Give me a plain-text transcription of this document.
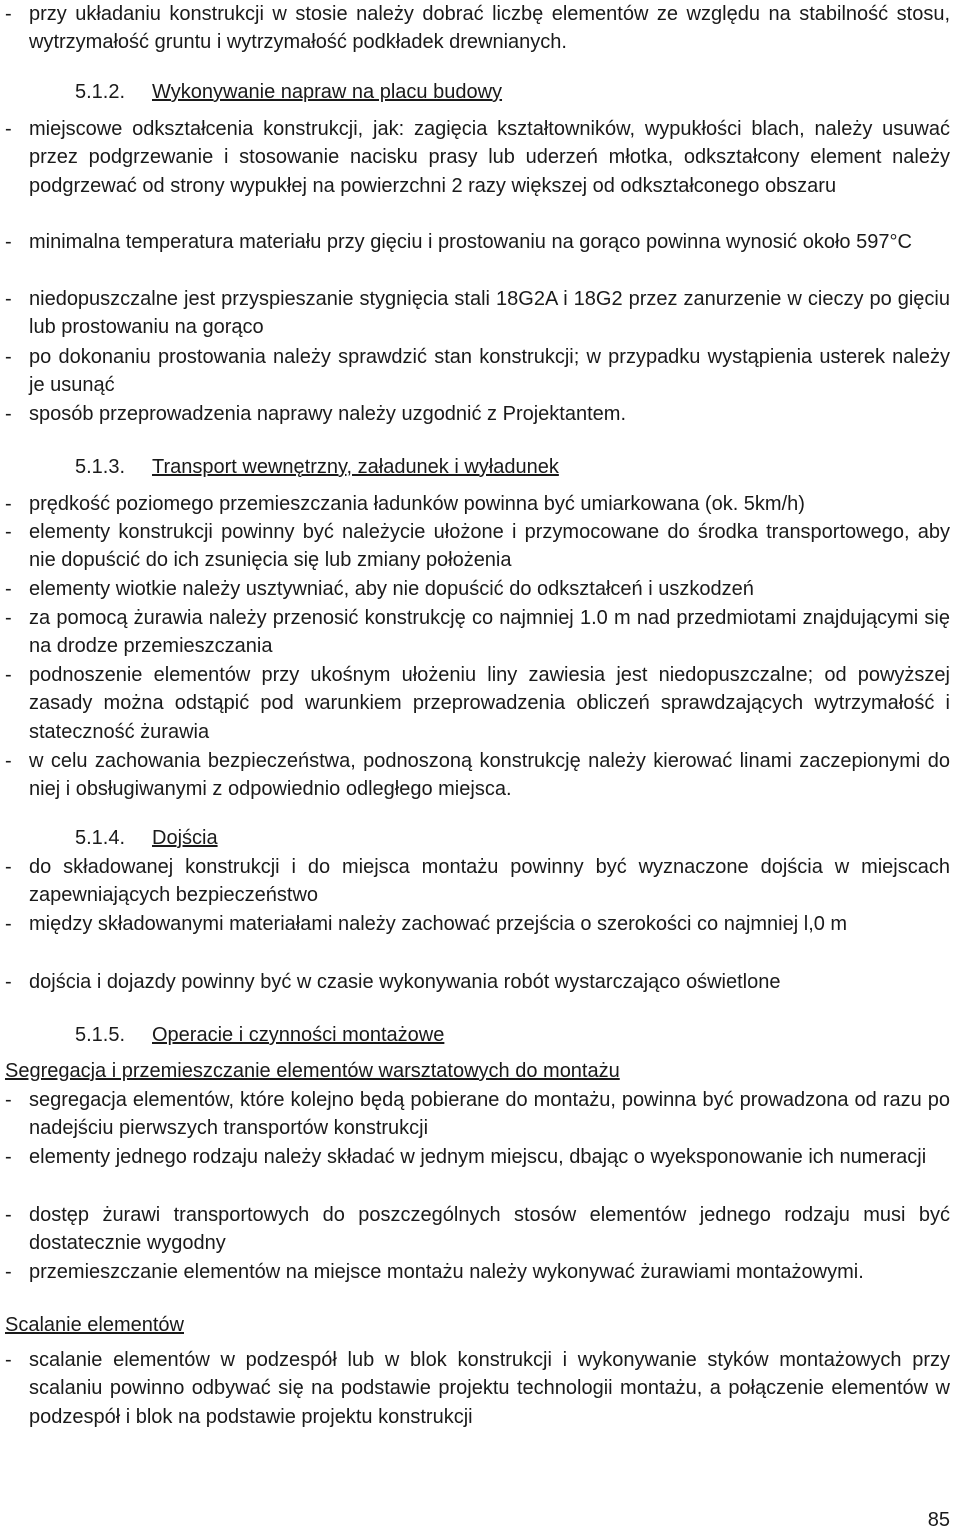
- przy układaniu konstrukcji w stosie należy dobrać liczbę elementów ze względu na stabilność stosu, wytrzymałość gruntu i wytrzymałość podkładek drewnianych.
5.1.2. Wykonywanie napraw na placu budowy
- miejscowe odkształcenia konstrukcji, jak: zagięcia kształtowników, wypukłości blach, należy usuwać przez podgrzewanie i stosowanie nacisku prasy lub uderzeń młotka, odkształcony element należy podgrzewać od strony wypukłej na powierzchni 2 razy większej od odkształconego obszaru
- minimalna temperatura materiału przy gięciu i prostowaniu na gorąco powinna wynosić około 597°C
- niedopuszczalne jest przyspieszanie stygnięcia stali 18G2A i 18G2 przez zanurzenie w cieczy po gięciu lub prostowaniu na gorąco
- po dokonaniu prostowania należy sprawdzić stan konstrukcji; w przypadku wystąpienia usterek należy je usunąć
- sposób przeprowadzenia naprawy należy uzgodnić z Projektantem.
5.1.3. Transport wewnętrzny, załadunek i wyładunek
- prędkość poziomego przemieszczania ładunków powinna być umiarkowana (ok. 5km/h)
- elementy konstrukcji powinny być należycie ułożone i przymocowane do środka transportowego, aby nie dopuścić do ich zsunięcia się lub zmiany położenia
- elementy wiotkie należy usztywniać, aby nie dopuścić do odkształceń i uszkodzeń
- za pomocą żurawia należy przenosić konstrukcję co najmniej 1.0 m nad przedmiotami znajdującymi się na drodze przemieszczania
- podnoszenie elementów przy ukośnym ułożeniu liny zawiesia jest niedopuszczalne; od powyższej zasady można odstąpić pod warunkiem przeprowadzenia obliczeń sprawdzających wytrzymałość i stateczność żurawia
- w celu zachowania bezpieczeństwa, podnoszoną konstrukcję należy kierować linami zaczepionymi do niej i obsługiwanymi z odpowiednio odległego miejsca.
5.1.4. Dojścia
- do składowanej konstrukcji i do miejsca montażu powinny być wyznaczone dojścia w miejscach zapewniających bezpieczeństwo
- między składowanymi materiałami należy zachować przejścia o szerokości co najmniej l,0 m
- dojścia i dojazdy powinny być w czasie wykonywania robót wystarczająco oświetlone
5.1.5. Operacie i czynności montażowe
Segregacja i przemieszczanie elementów warsztatowych do montażu
- segregacja elementów, które kolejno będą pobierane do montażu, powinna być prowadzona od razu po nadejściu pierwszych transportów konstrukcji
- elementy jednego rodzaju należy składać w jednym miejscu, dbając o wyeksponowanie ich numeracji
- dostęp żurawi transportowych do poszczególnych stosów elementów jednego rodzaju musi być dostatecznie wygodny
- przemieszczanie elementów na miejsce montażu należy wykonywać żurawiami montażowymi.
Scalanie elementów
- scalanie elementów w podzespół lub w blok konstrukcji i wykonywanie styków montażowych przy scalaniu powinno odbywać się na podstawie projektu technologii montażu, a połączenie elementów w podzespół i blok na podstawie projektu konstrukcji
85
